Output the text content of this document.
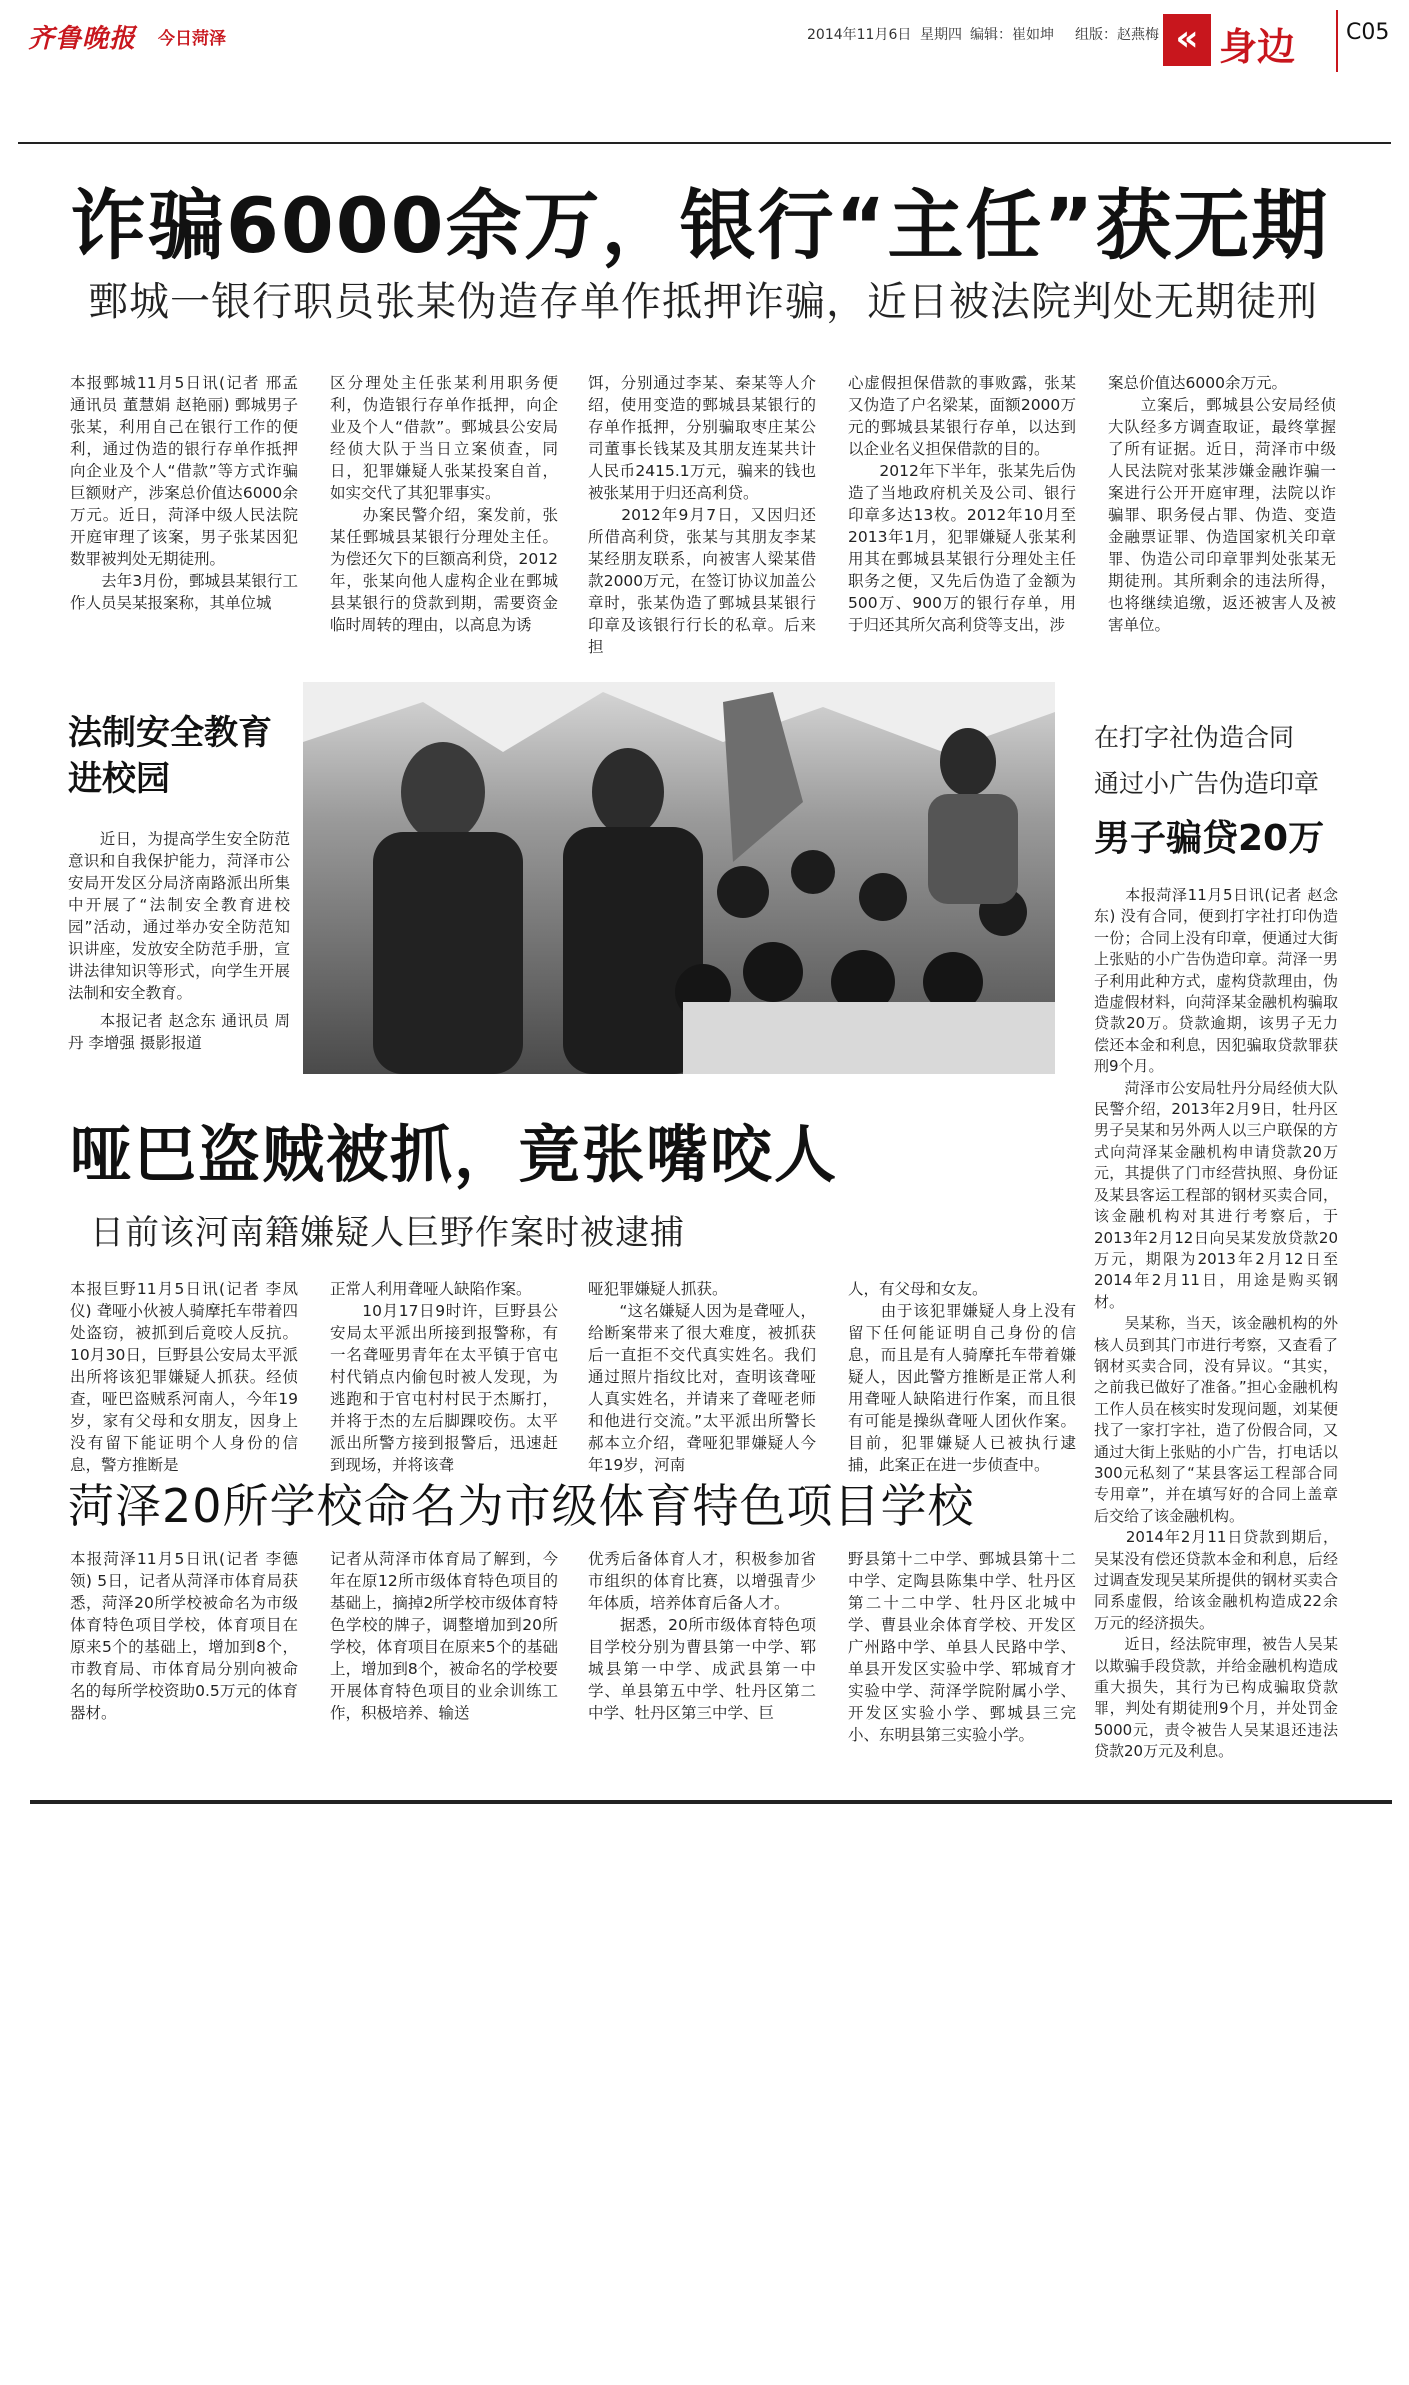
齐鲁晚报 今日菏泽	2014年11月6日 星期四 编辑：崔如坤 组版：赵燕梅 « 身边 C05
诈骗6000余万，银行“主任”获无期
鄄城一银行职员张某伪造存单作抵押诈骗，近日被法院判处无期徒刑
本报鄄城11月5日讯(记者 邢孟 通讯员 董慧娟 赵艳丽) 鄄城男子张某，利用自己在银行工作的便利，通过伪造的银行存单作抵押向企业及个人“借款”等方式诈骗巨额财产，涉案总价值达6000余万元。近日，菏泽中级人民法院开庭审理了该案，男子张某因犯数罪被判处无期徒刑。
　　去年3月份，鄄城县某银行工作人员吴某报案称，其单位城
区分理处主任张某利用职务便利，伪造银行存单作抵押，向企业及个人“借款”。鄄城县公安局经侦大队于当日立案侦查，同日，犯罪嫌疑人张某投案自首，如实交代了其犯罪事实。
　　办案民警介绍，案发前，张某任鄄城县某银行分理处主任。为偿还欠下的巨额高利贷，2012年，张某向他人虚构企业在鄄城县某银行的贷款到期，需要资金临时周转的理由，以高息为诱
饵，分别通过李某、秦某等人介绍，使用变造的鄄城县某银行的存单作抵押，分别骗取枣庄某公司董事长钱某及其朋友连某共计人民币2415.1万元，骗来的钱也被张某用于归还高利贷。
　　2012年9月7日，又因归还所借高利贷，张某与其朋友李某某经朋友联系，向被害人梁某借款2000万元，在签订协议加盖公章时，张某伪造了鄄城县某银行印章及该银行行长的私章。后来担
心虚假担保借款的事败露，张某又伪造了户名梁某，面额2000万元的鄄城县某银行存单，以达到以企业名义担保借款的目的。
　　2012年下半年，张某先后伪造了当地政府机关及公司、银行印章多达13枚。2012年10月至2013年1月，犯罪嫌疑人张某利用其在鄄城县某银行分理处主任职务之便，又先后伪造了金额为500万、900万的银行存单，用于归还其所欠高利贷等支出，涉
案总价值达6000余万元。
　　立案后，鄄城县公安局经侦大队经多方调查取证，最终掌握了所有证据。近日，菏泽市中级人民法院对张某涉嫌金融诈骗一案进行公开开庭审理，法院以诈骗罪、职务侵占罪、伪造、变造金融票证罪、伪造国家机关印章罪、伪造公司印章罪判处张某无期徒刑。其所剩余的违法所得，也将继续追缴，返还被害人及被害单位。
法制安全教育
进校园
　　近日，为提高学生安全防范意识和自我保护能力，菏泽市公安局开发区分局济南路派出所集中开展了“法制安全教育进校园”活动，通过举办安全防范知识讲座，发放安全防范手册，宣讲法律知识等形式，向学生开展法制和安全教育。
　　本报记者 赵念东 通讯员 周丹 李增强 摄影报道
哑巴盗贼被抓，竟张嘴咬人
日前该河南籍嫌疑人巨野作案时被逮捕
本报巨野11月5日讯(记者 李凤仪) 聋哑小伙被人骑摩托车带着四处盗窃，被抓到后竟咬人反抗。10月30日，巨野县公安局太平派出所将该犯罪嫌疑人抓获。经侦查，哑巴盗贼系河南人，今年19岁，家有父母和女朋友，因身上没有留下能证明个人身份的信息，警方推断是
正常人利用聋哑人缺陷作案。
　　10月17日9时许，巨野县公安局太平派出所接到报警称，有一名聋哑男青年在太平镇于官屯村代销点内偷包时被人发现，为逃跑和于官屯村村民于杰厮打，并将于杰的左后脚踝咬伤。太平派出所警方接到报警后，迅速赶到现场，并将该聋
哑犯罪嫌疑人抓获。
　　“这名嫌疑人因为是聋哑人，给断案带来了很大难度，被抓获后一直拒不交代真实姓名。我们通过照片指纹比对，查明该聋哑人真实姓名，并请来了聋哑老师和他进行交流。”太平派出所警长郝本立介绍，聋哑犯罪嫌疑人今年19岁，河南
人，有父母和女友。
　　由于该犯罪嫌疑人身上没有留下任何能证明自己身份的信息，而且是有人骑摩托车带着嫌疑人，因此警方推断是正常人利用聋哑人缺陷进行作案，而且很有可能是操纵聋哑人团伙作案。目前，犯罪嫌疑人已被执行逮捕，此案正在进一步侦查中。
菏泽20所学校命名为市级体育特色项目学校
本报菏泽11月5日讯(记者 李德领) 5日，记者从菏泽市体育局获悉，菏泽20所学校被命名为市级体育特色项目学校，体育项目在原来5个的基础上，增加到8个，市教育局、市体育局分别向被命名的每所学校资助0.5万元的体育器材。
记者从菏泽市体育局了解到，今年在原12所市级体育特色项目的基础上，摘掉2所学校市级体育特色学校的牌子，调整增加到20所学校，体育项目在原来5个的基础上，增加到8个，被命名的学校要开展体育特色项目的业余训练工作，积极培养、输送
优秀后备体育人才，积极参加省市组织的体育比赛，以增强青少年体质，培养体育后备人才。
　　据悉，20所市级体育特色项目学校分别为曹县第一中学、郓城县第一中学、成武县第一中学、单县第五中学、牡丹区第二中学、牡丹区第三中学、巨
野县第十二中学、鄄城县第十二中学、定陶县陈集中学、牡丹区第二十二中学、牡丹区北城中学、曹县业余体育学校、开发区广州路中学、单县人民路中学、单县开发区实验中学、郓城育才实验中学、菏泽学院附属小学、开发区实验小学、鄄城县三完小、东明县第三实验小学。
在打字社伪造合同
通过小广告伪造印章
男子骗贷20万
　　本报菏泽11月5日讯(记者 赵念东) 没有合同，便到打字社打印伪造一份；合同上没有印章，便通过大街上张贴的小广告伪造印章。菏泽一男子利用此种方式，虚构贷款理由，伪造虚假材料，向菏泽某金融机构骗取贷款20万。贷款逾期，该男子无力偿还本金和利息，因犯骗取贷款罪获刑9个月。
　　菏泽市公安局牡丹分局经侦大队民警介绍，2013年2月9日，牡丹区男子吴某和另外两人以三户联保的方式向菏泽某金融机构申请贷款20万元，其提供了门市经营执照、身份证及某县客运工程部的钢材买卖合同，该金融机构对其进行考察后，于2013年2月12日向吴某发放贷款20万元，期限为2013年2月12日至2014年2月11日，用途是购买钢材。
　　吴某称，当天，该金融机构的外核人员到其门市进行考察，又查看了钢材买卖合同，没有异议。“其实，之前我已做好了准备。”担心金融机构工作人员在核实时发现问题，刘某便找了一家打字社，造了份假合同，又通过大街上张贴的小广告，打电话以300元私刻了“某县客运工程部合同专用章”，并在填写好的合同上盖章后交给了该金融机构。
　　2014年2月11日贷款到期后，吴某没有偿还贷款本金和利息，后经过调查发现吴某所提供的钢材买卖合同系虚假，给该金融机构造成22余万元的经济损失。
　　近日，经法院审理，被告人吴某以欺骗手段贷款，并给金融机构造成重大损失，其行为已构成骗取贷款罪，判处有期徒刑9个月，并处罚金5000元，责令被告人吴某退还违法贷款20万元及利息。
